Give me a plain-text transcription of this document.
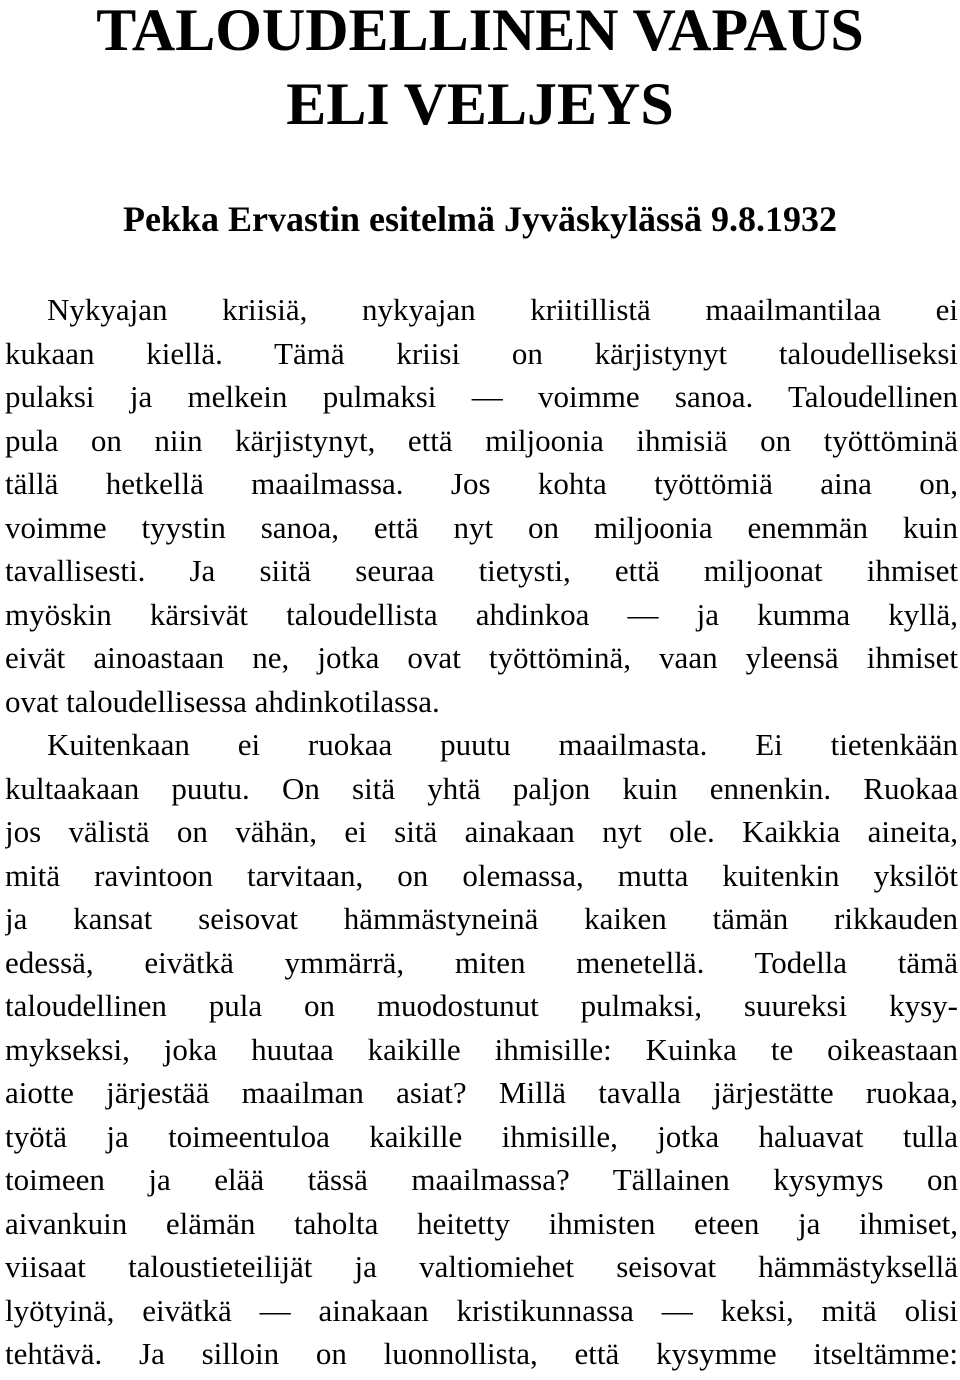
TALOUDELLINEN VAPAUS
ELI VELJEYS
Pekka Ervastin esitelmä Jyväskylässä 9.8.1932
Nykyajan kriisiä, nykyajan kriitillistä maailmantilaa ei
kukaan kiellä. Tämä kriisi on kärjistynyt taloudelliseksi
pulaksi ja melkein pulmaksi — voimme sanoa. Taloudellinen
pula on niin kärjistynyt, että miljoonia ihmisiä on työttöminä
tällä hetkellä maailmassa. Jos kohta työttömiä aina on,
voimme tyystin sanoa, että nyt on miljoonia enemmän kuin
tavallisesti. Ja siitä seuraa tietysti, että miljoonat ihmiset
myöskin kärsivät taloudellista ahdinkoa — ja kumma kyllä,
eivät ainoastaan ne, jotka ovat työttöminä, vaan yleensä ihmiset
ovat taloudellisessa ahdinkotilassa.
Kuitenkaan ei ruokaa puutu maailmasta. Ei tietenkään
kultaakaan puutu. On sitä yhtä paljon kuin ennenkin. Ruokaa
jos välistä on vähän, ei sitä ainakaan nyt ole. Kaikkia aineita,
mitä ravintoon tarvitaan, on olemassa, mutta kuitenkin yksilöt
ja kansat seisovat hämmästyneinä kaiken tämän rikkauden
edessä, eivätkä ymmärrä, miten menetellä. Todella tämä
taloudellinen pula on muodostunut pulmaksi, suureksi kysy-
mykseksi, joka huutaa kaikille ihmisille: Kuinka te oikeastaan
aiotte järjestää maailman asiat? Millä tavalla järjestätte ruokaa,
työtä ja toimeentuloa kaikille ihmisille, jotka haluavat tulla
toimeen ja elää tässä maailmassa? Tällainen kysymys on
aivankuin elämän taholta heitetty ihmisten eteen ja ihmiset,
viisaat taloustieteilijät ja valtiomiehet seisovat hämmästyksellä
lyötyinä, eivätkä — ainakaan kristikunnassa — keksi, mitä olisi
tehtävä. Ja silloin on luonnollista, että kysymme itseltämme:
